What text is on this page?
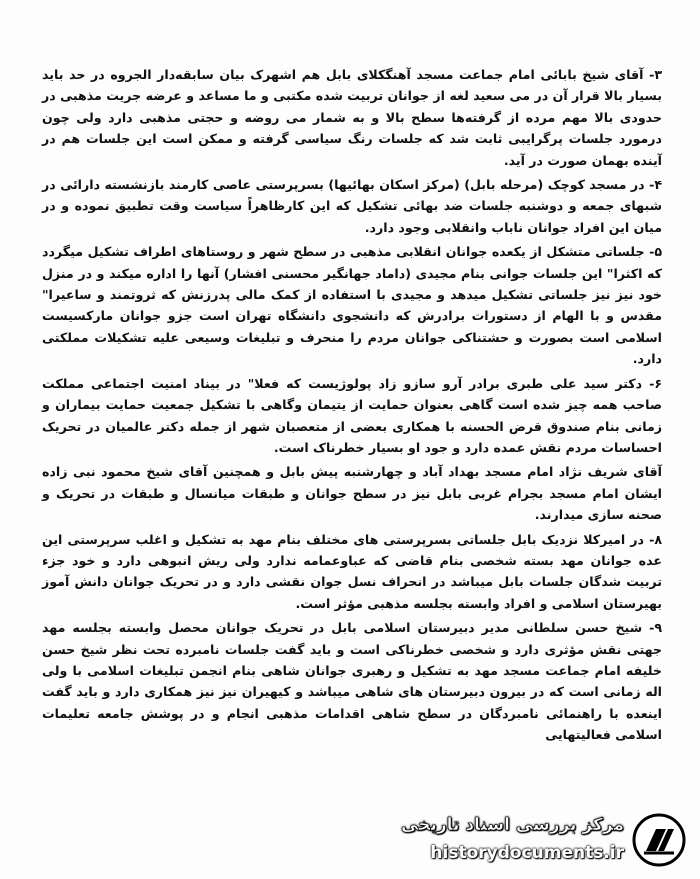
۳- آقای شیخ بابائی امام جماعت مسجد آهنگکلای بابل هم اشهرک بیان سابقه‌دار الجروه در حد باید بسیار بالا قرار آن در می سعید لغه از جوانان تربیت شده مکتبی و ما مساعد و عرضه جریت مذهبی در حدودی بالا مهم مرده از گرفته‌ها سطح بالا و به شمار می روضه و حجتی مذهبی دارد ولی چون درمورد جلسات پرگرایبی ثابت شد که جلسات رنگ سیاسی گرفته و ممکن است این جلسات هم در آینده بهمان صورت در آید.

۴- در مسجد کوچک (مرحله بابل) (مرکز اسکان بهائیها) بسرپرستی عاصی کارمند بازنشسته دارائی در شبهای جمعه و دوشنبه جلسات ضد بهائی تشکیل که این کارظاهراً سیاست وقت تطبیق نموده و در میان این افراد جوانان ناباب وانقلابی وجود دارد.

۵- جلساتی متشکل از یکعده جوانان انقلابی مذهبی در سطح شهر و روستاهای اطراف تشکیل میگردد که اکثرا" این جلسات جوانی بنام مجیدی (داماد جهانگیر محسنی افشار) آنها را اداره میکند و در منزل خود نیز نیز جلساتی تشکیل میدهد و مجیدی با استفاده از کمک مالی پدرزنش که ثروتمند و ساعیرا" مقدس و با الهام از دستورات برادرش که دانشجوی دانشگاه تهران است جزو جوانان مارکسیست اسلامی است بصورت و حشتناکی جوانان مردم را منحرف و تبلیغات وسیعی علیه تشکیلات مملکتی دارد.

۶- دکتر سید علی طبری برادر آرو سازو زاد پولوژیست که فعلا" در بیناد امنیت اجتماعی مملکت صاحب همه چیز شده است گاهی بعنوان حمایت از یتیمان وگاهی با تشکیل جمعیت حمایت بیماران و زمانی بنام صندوق قرض الحسنه با همکاری بعضی از متعصبان شهر از جمله دکتر عالمیان در تحریک احساسات مردم نقش عمده دارد و جود او بسیار خطرناک است.

آقای شریف نژاد امام مسجد بهداد آباد و چهارشنبه پیش بابل و همچنین آقای شیخ محمود نبی زاده ایشان امام مسجد بجرام غربی بابل نیز در سطح جوانان و طبقات میانسال و طبقات در تحریک و صحنه سازی میدارند.

۸- در امیرکلا نزدیک بابل جلساتی بسرپرستی های مختلف بنام مهد به تشکیل و اغلب سرپرستی این عده جوانان مهد بسته شخصی بنام قاضی که عباوعمامه ندارد ولی ریش انبوهی دارد و خود جزء تربیت شدگان جلسات بابل میباشد در انحراف نسل جوان نقشی دارد و در تحریک جوانان دانش آموز بهیرستان اسلامی و افراد وابسته بجلسه مذهبی مؤثر است.

۹- شیخ حسن سلطانی مدیر دبیرستان اسلامی بابل در تحریک جوانان محصل وابسته بجلسه مهد جهتی نقش مؤثری دارد و شخصی خطرناکی است و باید گفت جلسات نامبرده تحت نظر شیخ حسن خلیفه امام جماعت مسجد مهد به تشکیل و رهبری جوانان شاهی بنام انجمن تبلیغات اسلامی با ولی اله زمانی است که در بیرون دبیرستان های شاهی میباشد و کیهیران نیز نیز همکاری دارد و باید گفت اینعده با راهنمائی نامبردگان در سطح شاهی اقدامات مذهبی انجام و در پوشش جامعه تعلیمات اسلامی فعالیتهایی

مرکز بررسی اسناد تاریخی
historydocuments.ir
